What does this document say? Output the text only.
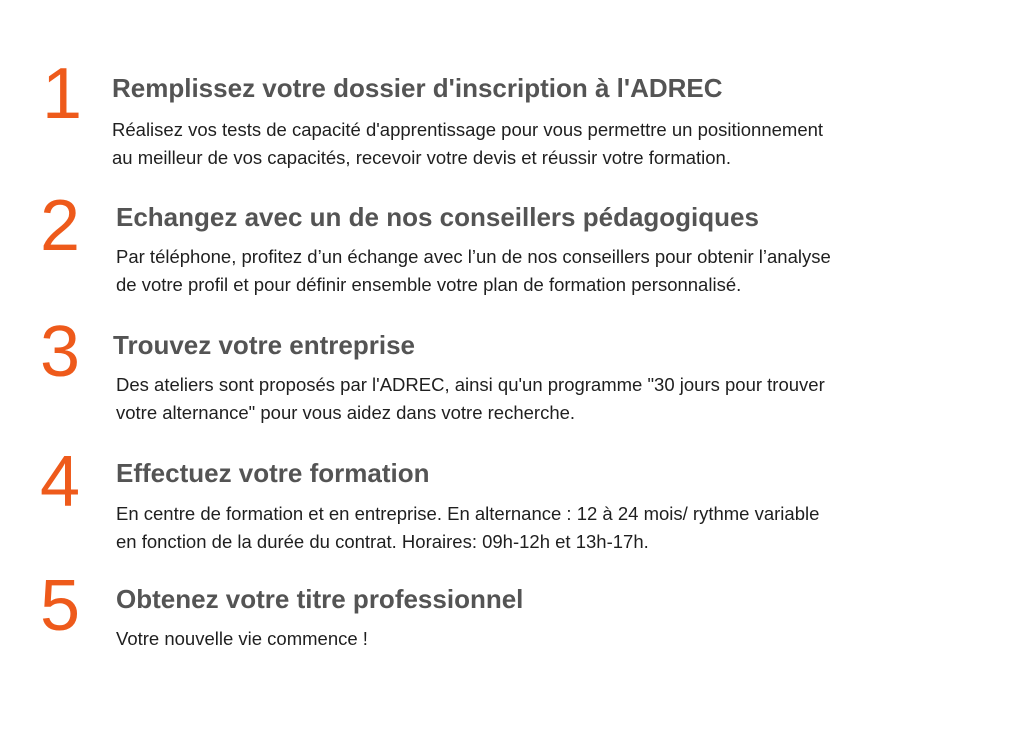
1 Remplissez votre dossier d'inscription à l'ADREC

Réalisez vos tests de capacité d'apprentissage pour vous permettre un positionnement
au meilleur de vos capacités, recevoir votre devis et réussir votre formation.

2 Echangez avec un de nos conseillers pédagogiques

Par téléphone, profitez d’un échange avec l’un de nos conseillers pour obtenir l’analyse
de votre profil et pour définir ensemble votre plan de formation personnalisé.

3 Trouvez votre entreprise

Des ateliers sont proposés par l'ADREC, ainsi qu'un programme "30 jours pour trouver
votre alternance" pour vous aidez dans votre recherche.

4 Effectuez votre formation

En centre de formation et en entreprise. En alternance : 12 à 24 mois/ rythme variable
en fonction de la durée du contrat. Horaires: 09h-12h et 13h-17h.

5 Obtenez votre titre professionnel

Votre nouvelle vie commence !
